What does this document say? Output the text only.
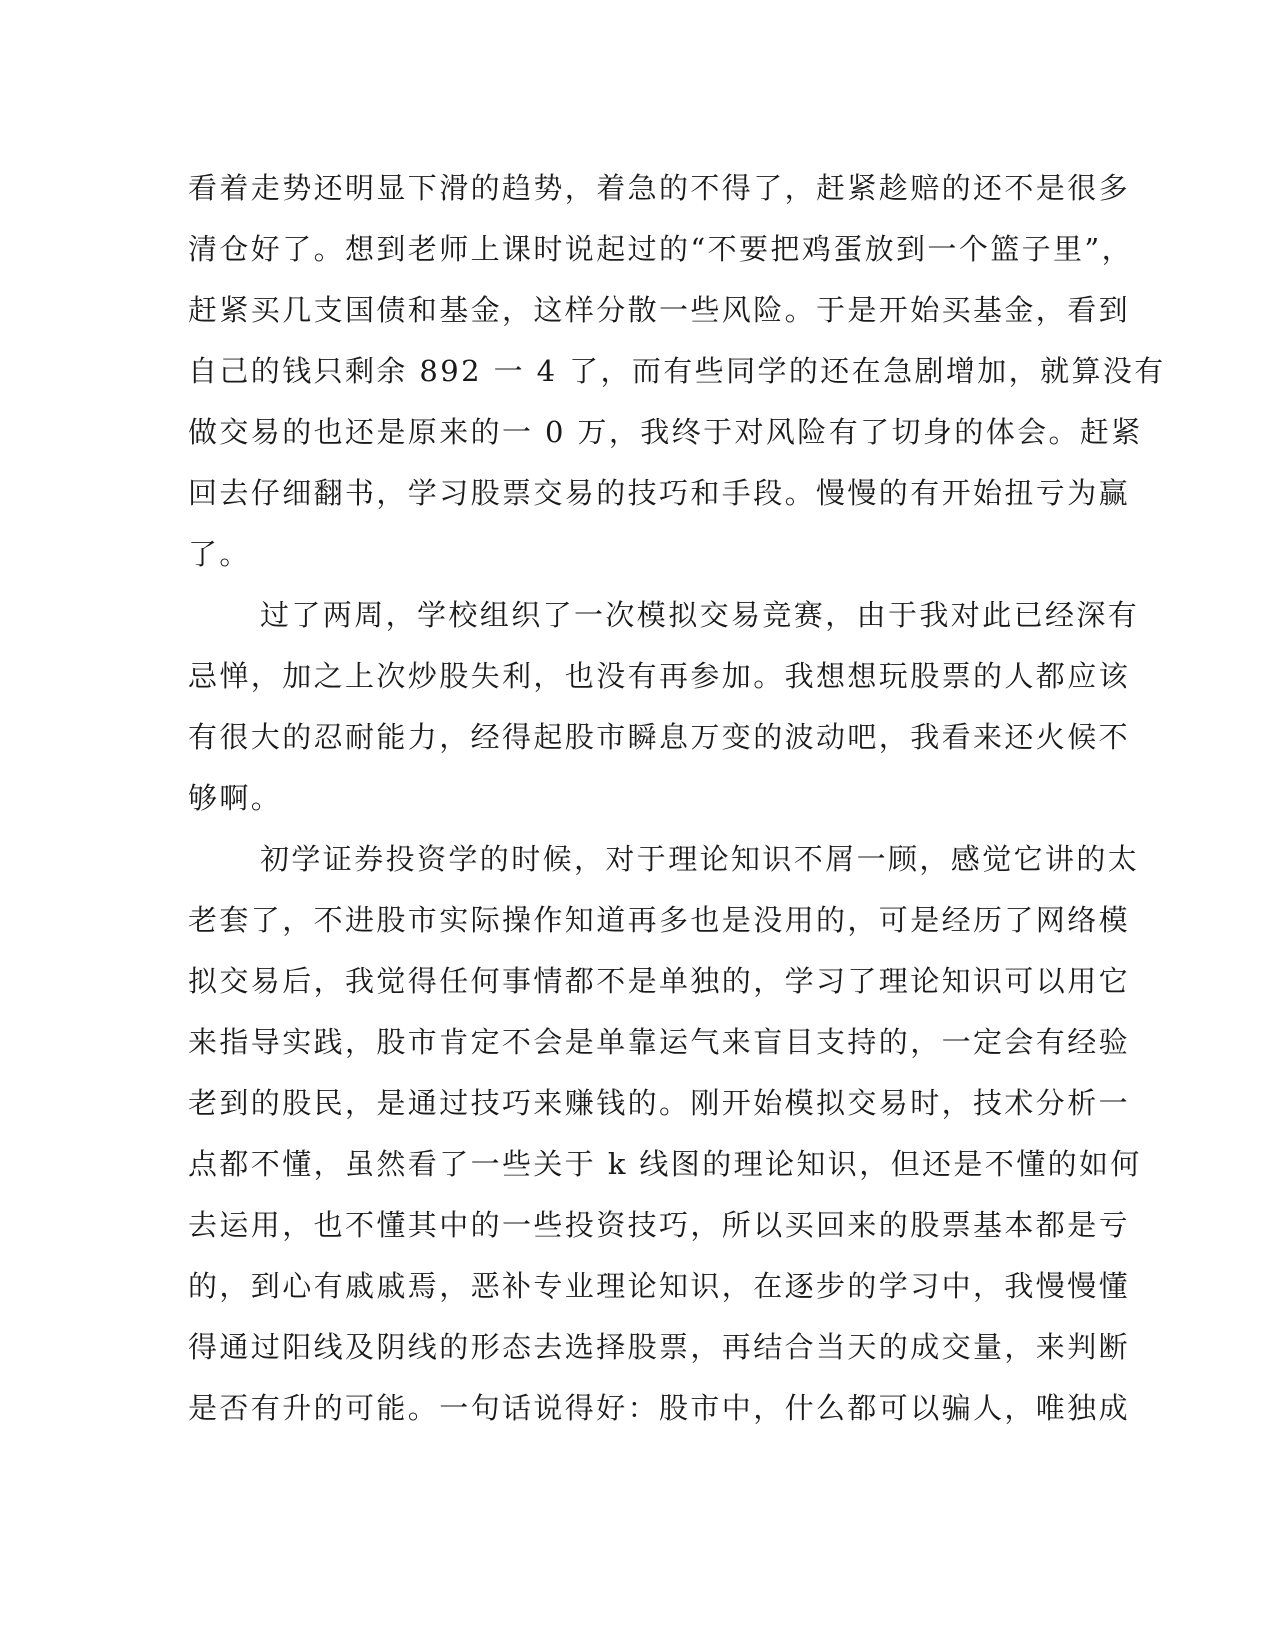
看着走势还明显下滑的趋势，着急的不得了，赶紧趁赔的还不是很多
清仓好了。想到老师上课时说起过的“不要把鸡蛋放到一个篮子里”，
赶紧买几支国债和基金，这样分散一些风险。于是开始买基金，看到
自己的钱只剩余 892 一 4 了，而有些同学的还在急剧增加，就算没有
做交易的也还是原来的一 0 万，我终于对风险有了切身的体会。赶紧
回去仔细翻书，学习股票交易的技巧和手段。慢慢的有开始扭亏为赢
了。
过了两周，学校组织了一次模拟交易竞赛，由于我对此已经深有
忌惮，加之上次炒股失利，也没有再参加。我想想玩股票的人都应该
有很大的忍耐能力，经得起股市瞬息万变的波动吧，我看来还火候不
够啊。
初学证券投资学的时候，对于理论知识不屑一顾，感觉它讲的太
老套了，不进股市实际操作知道再多也是没用的，可是经历了网络模
拟交易后，我觉得任何事情都不是单独的，学习了理论知识可以用它
来指导实践，股市肯定不会是单靠运气来盲目支持的，一定会有经验
老到的股民，是通过技巧来赚钱的。刚开始模拟交易时，技术分析一
点都不懂，虽然看了一些关于 k 线图的理论知识，但还是不懂的如何
去运用，也不懂其中的一些投资技巧，所以买回来的股票基本都是亏
的，到心有戚戚焉，恶补专业理论知识，在逐步的学习中，我慢慢懂
得通过阳线及阴线的形态去选择股票，再结合当天的成交量，来判断
是否有升的可能。一句话说得好：股市中，什么都可以骗人，唯独成
